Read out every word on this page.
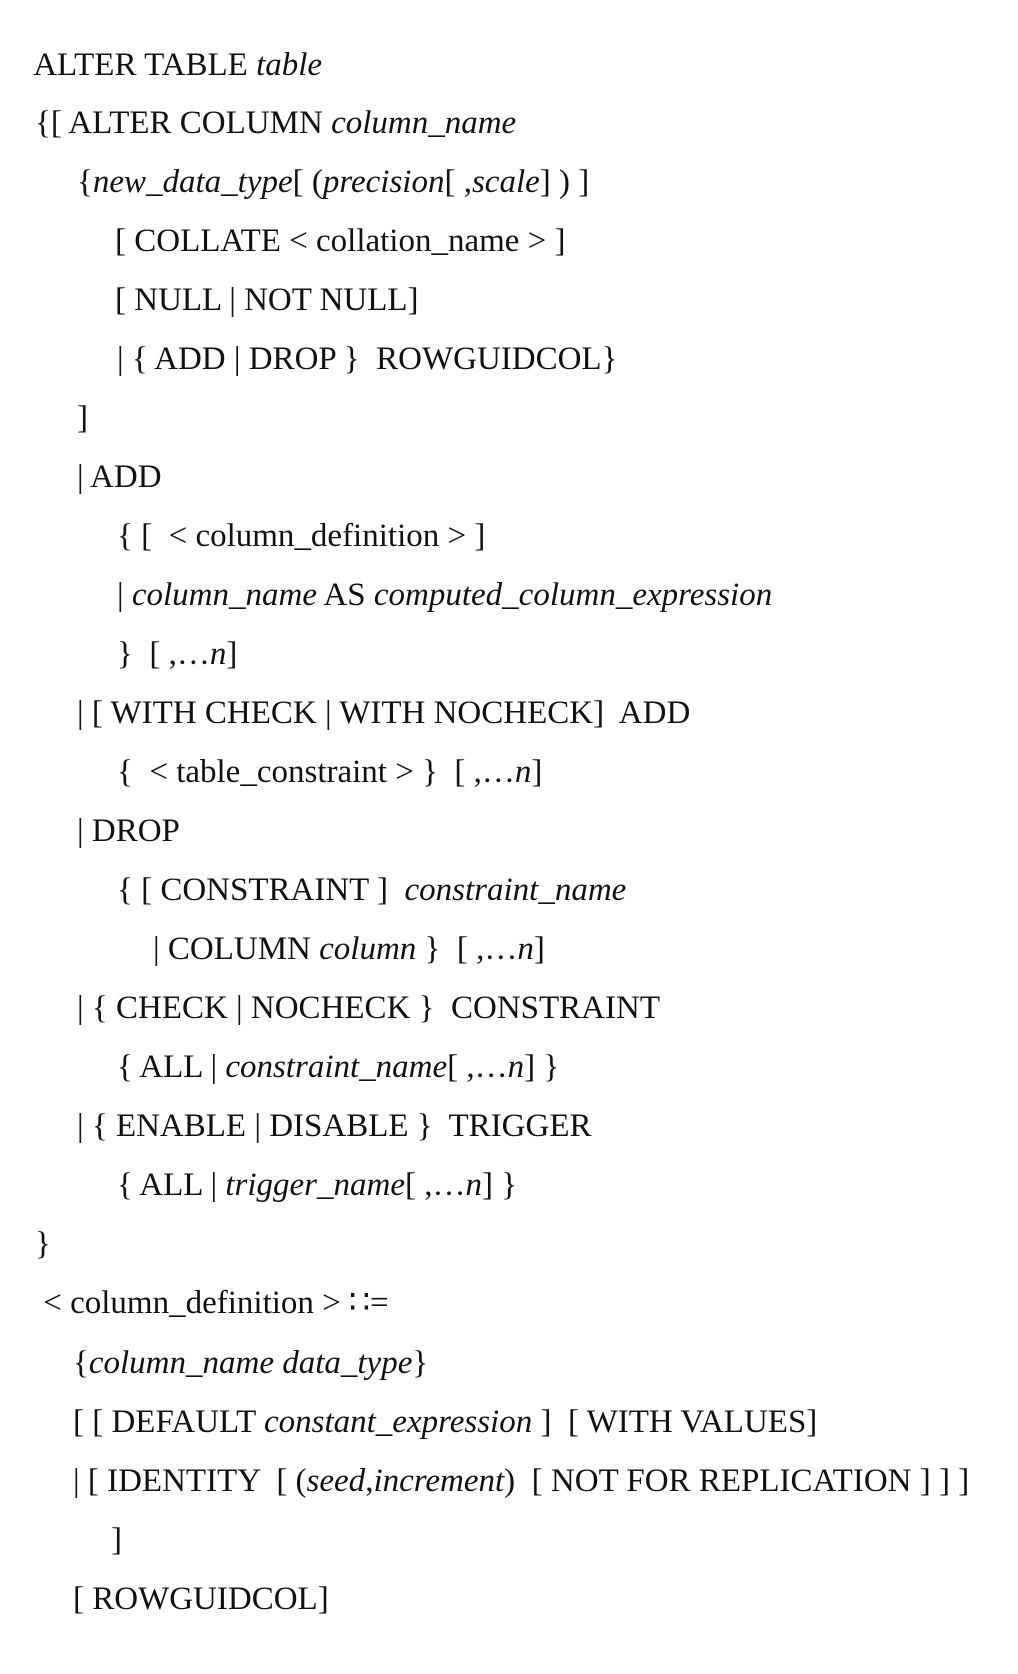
ALTER TABLE table

{[ ALTER COLUMN column_name

{new_data_type[ (precision[ ,scale] ) ]

[ COLLATE < collation_name > ]

[ NULL | NOT NULL]

| { ADD | DROP }  ROWGUIDCOL}

]

| ADD

{ [  < column_definition > ]

| column_name AS computed_column_expression

}  [ ,…n]

| [ WITH CHECK | WITH NOCHECK]  ADD

{  < table_constraint > }  [ ,…n]

| DROP

{ [ CONSTRAINT ]  constraint_name

| COLUMN column }  [ ,…n]

| { CHECK | NOCHECK }  CONSTRAINT

{ ALL | constraint_name[ ,…n] }

| { ENABLE | DISABLE }  TRIGGER

{ ALL | trigger_name[ ,…n] }

}

< column_definition > ∷=

{column_name data_type}

[ [ DEFAULT constant_expression ]  [ WITH VALUES]

| [ IDENTITY  [ (seed,increment)  [ NOT FOR REPLICATION ] ] ]

]

[ ROWGUIDCOL]
